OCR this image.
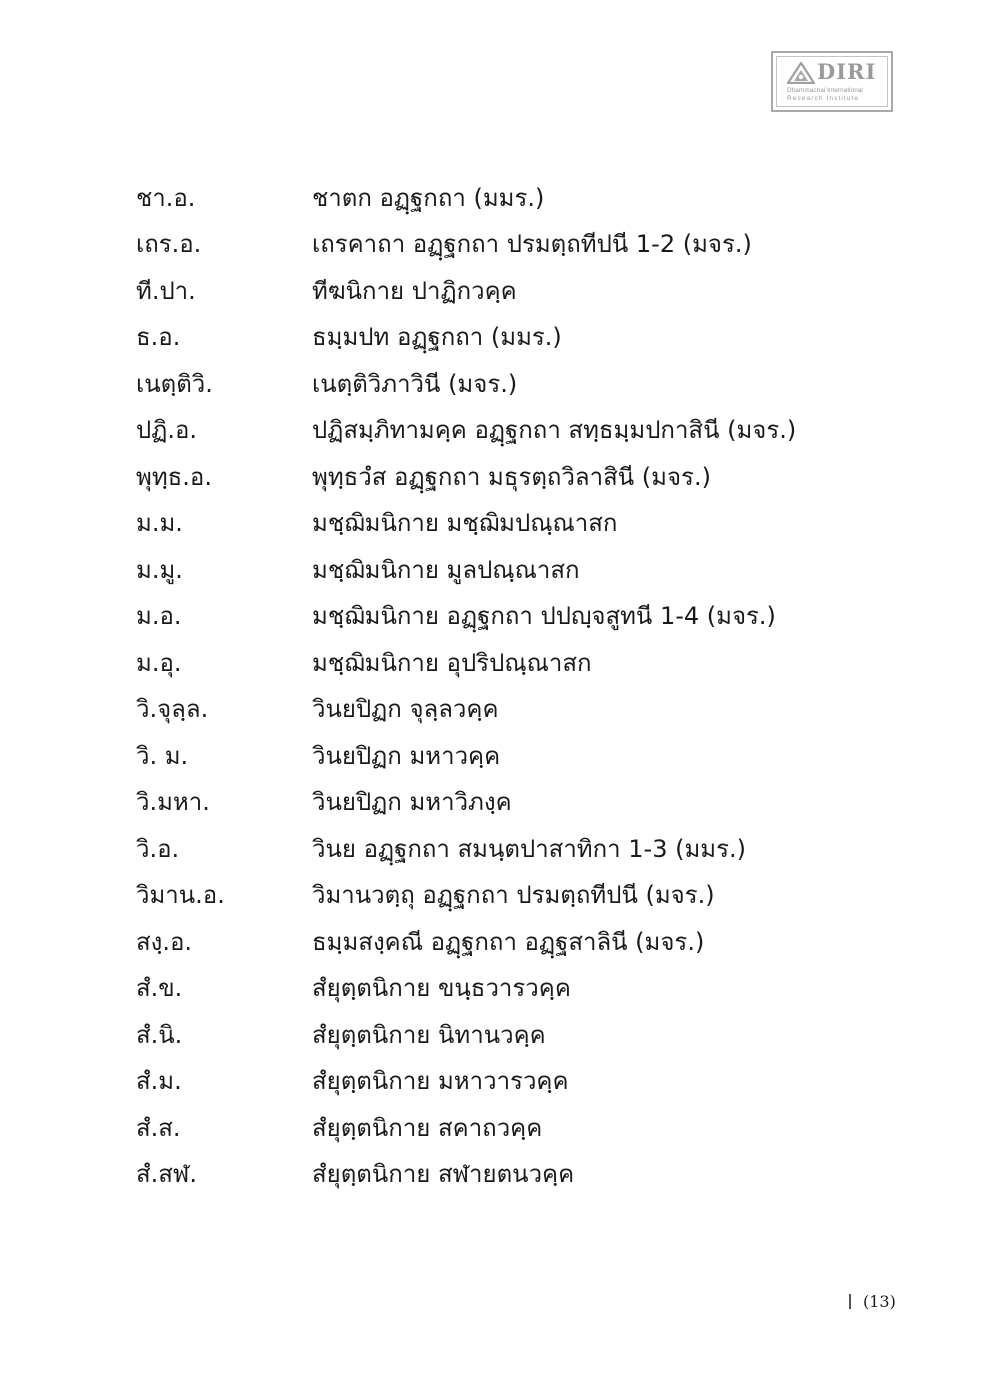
DIRI
Dhammachai International
Research Institute
ชา.อ.	ชาตก อฏฺฐกถา (มมร.)
เถร.อ.	เถรคาถา อฏฺฐกถา ปรมตฺถทีปนี 1-2 (มจร.)
ที.ปา.	ทีฆนิกาย ปาฏิกวคฺค
ธ.อ.	ธมฺมปท อฏฺฐกถา (มมร.)
เนตฺติวิ.	เนตฺติวิภาวินี (มจร.)
ปฏิ.อ.	ปฏิสมฺภิทามคฺค อฏฺฐกถา สทฺธมฺมปกาสินี (มจร.)
พุทฺธ.อ.	พุทฺธวํส อฏฺฐกถา มธุรตฺถวิลาสินี (มจร.)
ม.ม.	มชฺฌิมนิกาย มชฺฌิมปณฺณาสก
ม.มู.	มชฺฌิมนิกาย มูลปณฺณาสก
ม.อ.	มชฺฌิมนิกาย อฏฺฐกถา ปปญฺจสูทนี 1-4 (มจร.)
ม.อุ.	มชฺฌิมนิกาย อุปริปณฺณาสก
วิ.จุลฺล.	วินยปิฏก จุลฺลวคฺค
วิ. ม.	วินยปิฏก มหาวคฺค
วิ.มหา.	วินยปิฏก มหาวิภงฺค
วิ.อ.	วินย อฏฺฐกถา สมนฺตปาสาทิกา 1-3 (มมร.)
วิมาน.อ.	วิมานวตฺถุ อฏฺฐกถา ปรมตฺถทีปนี (มจร.)
สงฺ.อ.	ธมฺมสงฺคณี อฏฺฐกถา อฏฺฐสาลินี (มจร.)
สํ.ข.	สํยุตฺตนิกาย ขนฺธวารวคฺค
สํ.นิ.	สํยุตฺตนิกาย นิทานวคฺค
สํ.ม.	สํยุตฺตนิกาย มหาวารวคฺค
สํ.ส.	สํยุตฺตนิกาย สคาถวคฺค
สํ.สฬ.	สํยุตฺตนิกาย สฬายตนวคฺค
(13)
